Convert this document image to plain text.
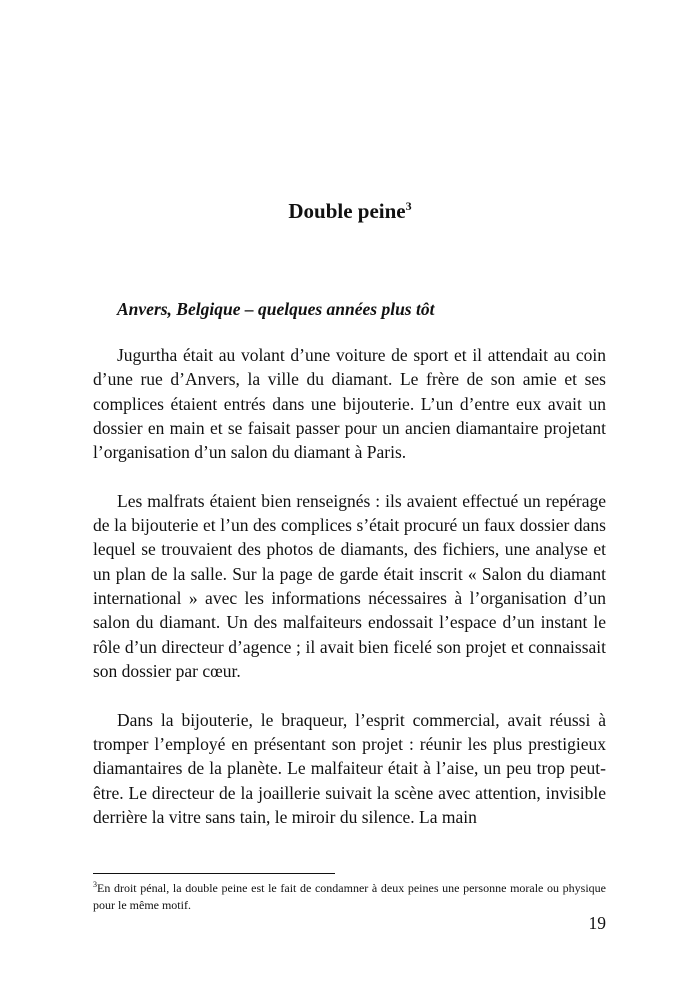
Double peine$^3$
Anvers, Belgique – quelques années plus tôt

Jugurtha était au volant d’une voiture de sport et il attendait au coin d’une rue d’Anvers, la ville du diamant. Le frère de son amie et ses complices étaient entrés dans une bijouterie. L’un d’entre eux avait un dossier en main et se faisait passer pour un ancien diamantaire projetant l’organisation d’un salon du diamant à Paris.

Les malfrats étaient bien renseignés : ils avaient effectué un repérage de la bijouterie et l’un des complices s’était procuré un faux dossier dans lequel se trouvaient des photos de diamants, des fichiers, une analyse et un plan de la salle. Sur la page de garde était inscrit « Salon du diamant international » avec les informations nécessaires à l’organisation d’un salon du diamant. Un des malfaiteurs endossait l’espace d’un instant le rôle d’un directeur d’agence ; il avait bien ficelé son projet et connaissait son dossier par cœur.

Dans la bijouterie, le braqueur, l’esprit commercial, avait réussi à tromper l’employé en présentant son projet : réunir les plus prestigieux diamantaires de la planète. Le malfaiteur était à l’aise, un peu trop peut-être. Le directeur de la joaillerie suivait la scène avec attention, invisible derrière la vitre sans tain, le miroir du silence. La main

$^3$En droit pénal, la double peine est le fait de condamner à deux peines une personne morale ou physique pour le même motif.
19
